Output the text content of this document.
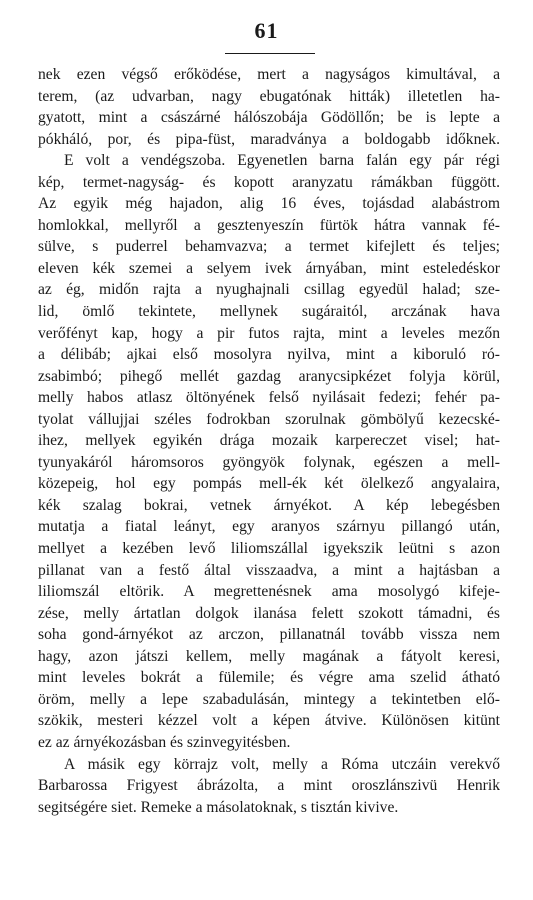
61
nek ezen végső erőködése, mert a nagyságos kimultával, a
terem, (az udvarban, nagy ebugatónak hitták) illetetlen ha-
gyatott, mint a császárné hálószobája Gödöllőn; be is lepte a
pókháló, por, és pipa-füst, maradványa a boldogabb időknek.
E volt a vendégszoba. Egyenetlen barna falán egy pár régi
kép, termet-nagyság- és kopott aranyzatu rámákban függött.
Az egyik még hajadon, alig 16 éves, tojásdad alabástrom
homlokkal, mellyről a gesztenyeszín fürtök hátra vannak fé-
sülve, s puderrel behamvazva; a termet kifejlett és teljes;
eleven kék szemei a selyem ivek árnyában, mint esteledéskor
az ég, midőn rajta a nyughajnali csillag egyedül halad; sze-
lid, ömlő tekintete, mellynek sugáraitól, arczának hava
verőfényt kap, hogy a pir futos rajta, mint a leveles mezőn
a délibáb; ajkai első mosolyra nyilva, mint a kiboruló ró-
zsabimbó; pihegő mellét gazdag aranycsipkézet folyja körül,
melly habos atlasz öltönyének felső nyilásait fedezi; fehér pa-
tyolat vállujjai széles fodrokban szorulnak gömbölyű kezecské-
ihez, mellyek egyikén drága mozaik karpereczet visel; hat-
tyunyakáról háromsoros gyöngyök folynak, egészen a mell-
közepeig, hol egy pompás mell-ék két ölelkező angyalaira,
kék szalag bokrai, vetnek árnyékot. A kép lebegésben
mutatja a fiatal leányt, egy aranyos szárnyu pillangó után,
mellyet a kezében levő liliomszállal igyekszik leütni s azon
pillanat van a festő által visszaadva, a mint a hajtásban a
liliomszál eltörik. A megrettenésnek ama mosolygó kifeje-
zése, melly ártatlan dolgok ilanása felett szokott támadni, és
soha gond-árnyékot az arczon, pillanatnál tovább vissza nem
hagy, azon játszi kellem, melly magának a fátyolt keresi,
mint leveles bokrát a fülemile; és végre ama szelid átható
öröm, melly a lepe szabadulásán, mintegy a tekintetben elő-
szökik, mesteri kézzel volt a képen átvive. Különösen kitünt
ez az árnyékozásban és szinvegyitésben.
A másik egy körrajz volt, melly a Róma utczáin verekvő
Barbarossa Frigyest ábrázolta, a mint oroszlánszivü Henrik
segitségére siet. Remeke a másolatoknak, s tisztán kivive.
